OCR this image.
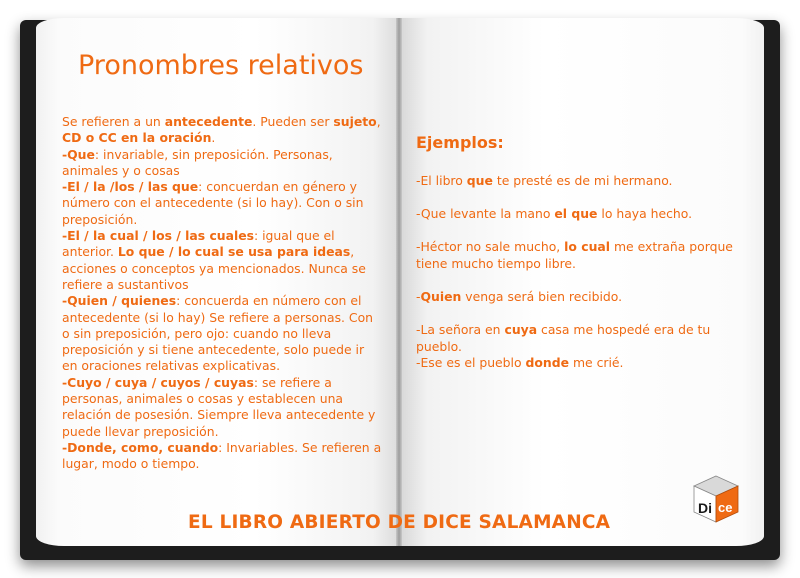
Pronombres relativos
Se refieren a un antecedente. Pueden ser sujeto, CD o CC en la oración.
-Que: invariable, sin preposición. Personas, animales y o cosas
-El / la /los / las que: concuerdan en género y número con el antecedente (si lo hay). Con o sin preposición.
-El / la cual / los / las cuales: igual que el anterior. Lo que / lo cual se usa para ideas, acciones o conceptos ya mencionados. Nunca se refiere a sustantivos
-Quien / quienes: concuerda en número con el antecedente (si lo hay) Se refiere a personas. Con o sin preposición, pero ojo: cuando no lleva preposición y si tiene antecedente, solo puede ir en oraciones relativas explicativas.
-Cuyo / cuya / cuyos / cuyas: se refiere a personas, animales o cosas y establecen una relación de posesión. Siempre lleva antecedente y puede llevar preposición.
-Donde, como, cuando: Invariables. Se refieren a lugar, modo o tiempo.
Ejemplos:
-El libro que te presté es de mi hermano.
-Que levante la mano el que lo haya hecho.
-Héctor no sale mucho, lo cual me extraña porque tiene mucho tiempo libre.
-Quien venga será bien recibido.
-La señora en cuya casa me hospedé era de tu pueblo.
-Ese es el pueblo donde me crié.
EL LIBRO ABIERTO DE DICE SALAMANCA
Di ce
